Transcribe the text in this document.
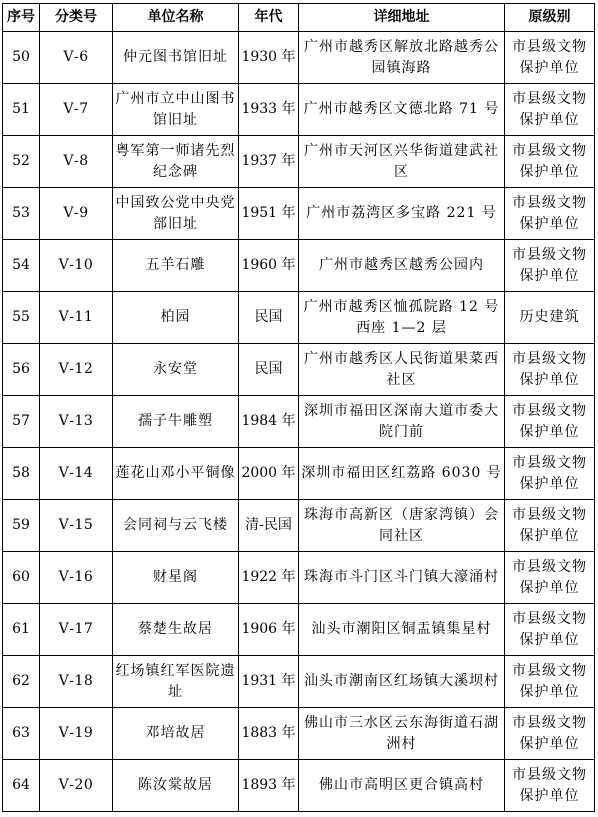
序号	分类号	单位名称	年代	详细地址	原级别
50	Ⅴ-6	仲元图书馆旧址	1930 年	广州市越秀区解放北路越秀公园镇海路	市县级文物保护单位
51	Ⅴ-7	广州市立中山图书馆旧址	1933 年	广州市越秀区文德北路 71 号	市县级文物保护单位
52	Ⅴ-8	粤军第一师诸先烈纪念碑	1937 年	广州市天河区兴华街道建武社区	市县级文物保护单位
53	Ⅴ-9	中国致公党中央党部旧址	1951 年	广州市荔湾区多宝路 221 号	市县级文物保护单位
54	Ⅴ-10	五羊石雕	1960 年	广州市越秀区越秀公园内	市县级文物保护单位
55	Ⅴ-11	柏园	民国	广州市越秀区恤孤院路 12 号西座 1—2 层	历史建筑
56	Ⅴ-12	永安堂	民国	广州市越秀区人民街道果菜西社区	市县级文物保护单位
57	Ⅴ-13	孺子牛雕塑	1984 年	深圳市福田区深南大道市委大院门前	市县级文物保护单位
58	Ⅴ-14	莲花山邓小平铜像	2000 年	深圳市福田区红荔路 6030 号	市县级文物保护单位
59	Ⅴ-15	会同祠与云飞楼	清-民国	珠海市高新区（唐家湾镇）会同社区	市县级文物保护单位
60	Ⅴ-16	财星阁	1922 年	珠海市斗门区斗门镇大濠涌村	市县级文物保护单位
61	Ⅴ-17	蔡楚生故居	1906 年	汕头市潮阳区铜盂镇集星村	市县级文物保护单位
62	Ⅴ-18	红场镇红军医院遗址	1931 年	汕头市潮南区红场镇大溪坝村	市县级文物保护单位
63	Ⅴ-19	邓培故居	1883 年	佛山市三水区云东海街道石湖洲村	市县级文物保护单位
64	Ⅴ-20	陈汝棠故居	1893 年	佛山市高明区更合镇高村	市县级文物保护单位
